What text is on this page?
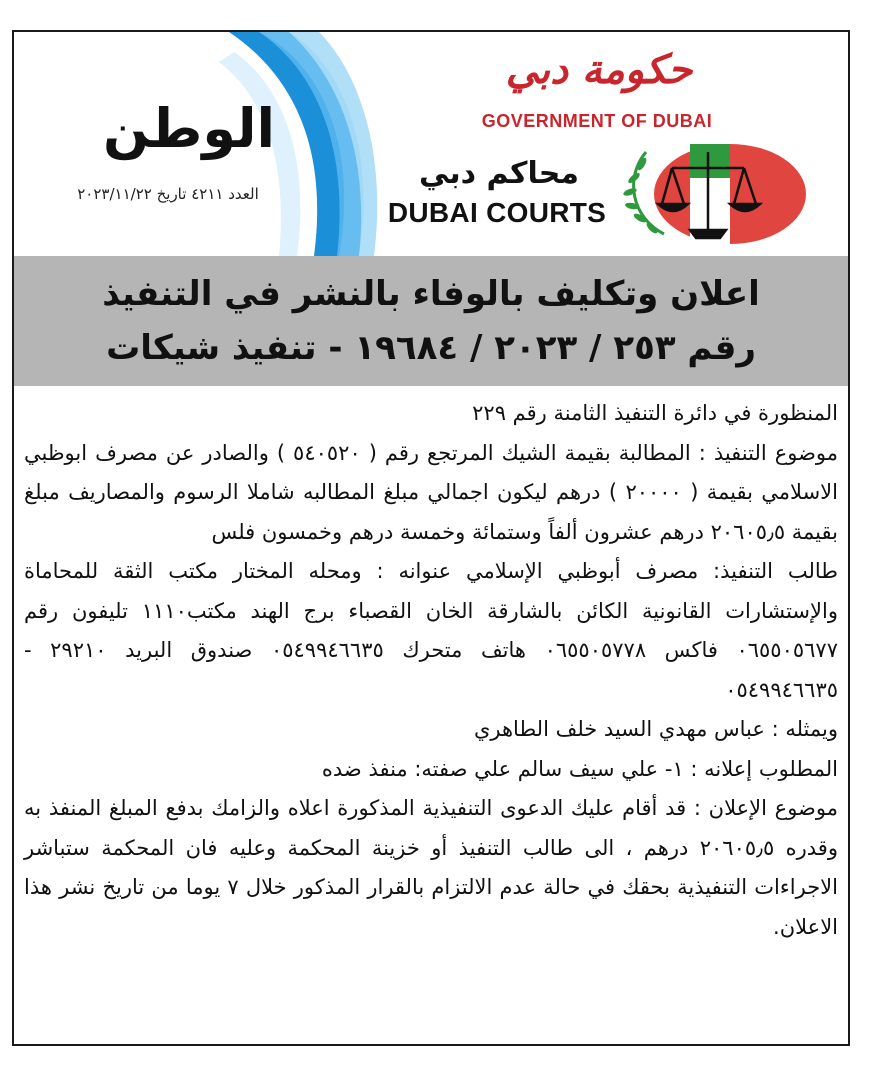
الوطن
العدد ٤٢١١ تاريخ ٢٠٢٣/١١/٢٢
حكومة دبي
GOVERNMENT OF DUBAI
محاكم دبي
DUBAI COURTS
اعلان وتكليف بالوفاء بالنشر في التنفيذ
رقم ٢٥٣ / ٢٠٢٣ / ١٩٦٨٤ - تنفيذ شيكات

المنظورة في دائرة التنفيذ الثامنة رقم ٢٢٩

موضوع التنفيذ : المطالبة بقيمة الشيك المرتجع رقم ( ٥٤٠٥٢٠ ) والصادر عن مصرف ابوظبي الاسلامي بقيمة ( ٢٠٠٠٠ ) درهم ليكون اجمالي مبلغ المطالبه شاملا الرسوم والمصاريف مبلغ بقيمة ٢٠٦٠٥٫٥ درهم عشرون ألفاً وستمائة وخمسة درهم وخمسون فلس

طالب التنفيذ: مصرف أبوظبي الإسلامي عنوانه : ومحله المختار مكتب الثقة للمحاماة والإستشارات القانونية الكائن بالشارقة الخان القصباء برج الهند مكتب١١١٠ تليفون رقم ٠٦٥٥٠٥٦٧٧ فاكس ٠٦٥٥٠٥٧٧٨ هاتف متحرك ٠٥٤٩٩٤٦٦٣٥ صندوق البريد ٢٩٢١٠ - ٠٥٤٩٩٤٦٦٣٥

ويمثله : عباس مهدي السيد خلف الطاهري

المطلوب إعلانه : ١- علي سيف سالم علي صفته: منفذ ضده

موضوع الإعلان : قد أقام عليك الدعوى التنفيذية المذكورة اعلاه والزامك بدفع المبلغ المنفذ به وقدره ٢٠٦٠٥٫٥ درهم ، الى طالب التنفيذ أو خزينة المحكمة وعليه فان المحكمة ستباشر الاجراءات التنفيذية بحقك في حالة عدم الالتزام بالقرار المذكور خلال ٧ يوما من تاريخ نشر هذا الاعلان.
